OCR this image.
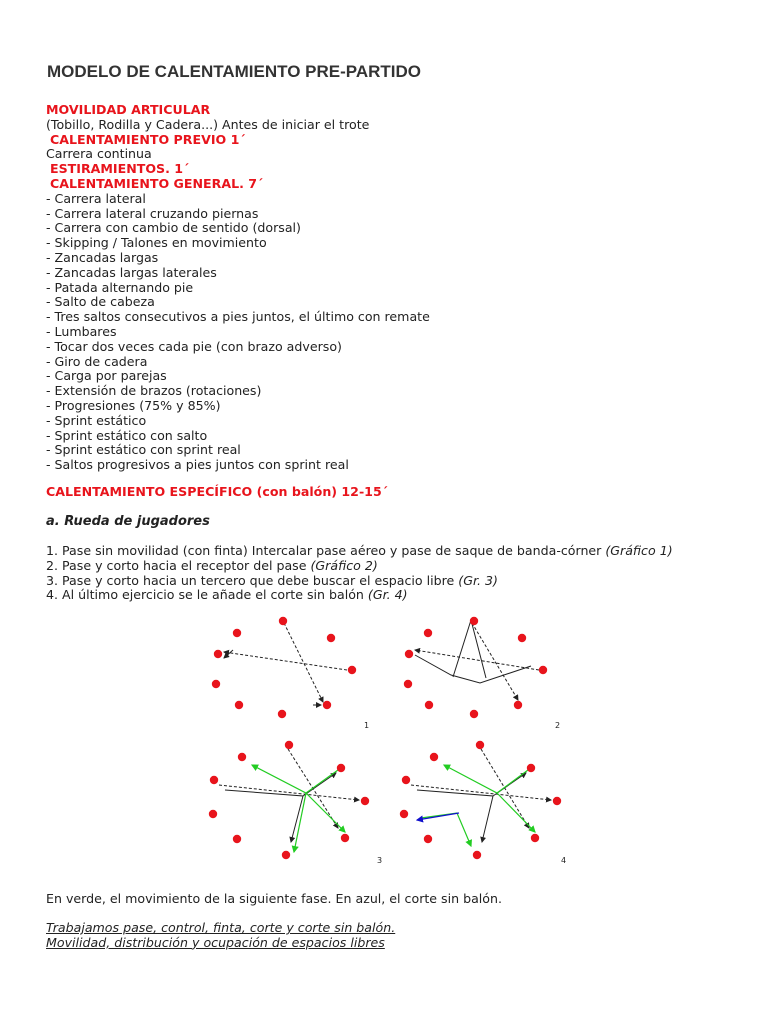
MODELO DE CALENTAMIENTO PRE-PARTIDO
MOVILIDAD ARTICULAR
(Tobillo, Rodilla y Cadera...) Antes de iniciar el trote
CALENTAMIENTO PREVIO 1´
Carrera continua
ESTIRAMIENTOS. 1´
CALENTAMIENTO GENERAL. 7´
- Carrera lateral
- Carrera lateral cruzando piernas
- Carrera con cambio de sentido (dorsal)
- Skipping / Talones en movimiento
- Zancadas largas
- Zancadas largas laterales
- Patada alternando pie
- Salto de cabeza
- Tres saltos consecutivos a pies juntos, el último con remate
- Lumbares
- Tocar dos veces cada pie (con brazo adverso)
- Giro de cadera
- Carga por parejas
- Extensión de brazos (rotaciones)
- Progresiones (75% y 85%)
- Sprint estático
- Sprint estático con salto
- Sprint estático con sprint real
- Saltos progresivos a pies juntos con sprint real
CALENTAMIENTO ESPECÍFICO (con balón) 12-15´
a. Rueda de jugadores
1. Pase sin movilidad (con finta) Intercalar pase aéreo y pase de saque de banda-córner (Gráfico 1)
2. Pase y corto hacia el receptor del pase (Gráfico 2)
3. Pase y corto hacia un tercero que debe buscar el espacio libre (Gr. 3)
4. Al último ejercicio se le añade el corte sin balón (Gr. 4)
1	2
3	4
En verde, el movimiento de la siguiente fase. En azul, el corte sin balón.
Trabajamos pase, control, finta, corte y corte sin balón.
Movilidad, distribución y ocupación de espacios libres
